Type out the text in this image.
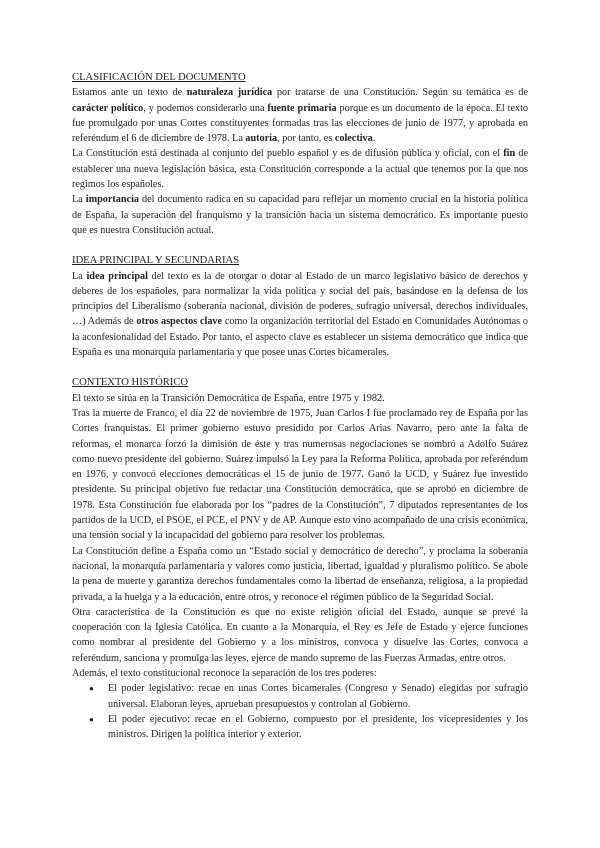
CLASIFICACIÓN DEL DOCUMENTO

Estamos ante un texto de naturaleza jurídica por tratarse de una Constitución. Según su temática es de carácter político, y podemos considerarlo una fuente primaria porque es un documento de la época. El texto fue promulgado por unas Cortes constituyentes formadas tras las elecciones de junio de 1977, y aprobada en referéndum el 6 de diciembre de 1978. La autoría, por tanto, es colectiva.

La Constitución está destinada al conjunto del pueblo español y es de difusión pública y oficial, con el fin de establecer una nueva legislación básica, esta Constitución corresponde a la actual que tenemos por la que nos regimos los españoles.

La importancia del documento radica en su capacidad para reflejar un momento crucial en la historia política de España, la superación del franquismo y la transición hacia un sistema democrático. Es importante puesto que es nuestra Constitución actual.

IDEA PRINCIPAL Y SECUNDARIAS

La idea principal del texto es la de otorgar o dotar al Estado de un marco legislativo básico de derechos y deberes de los españoles, para normalizar la vida política y social del país, basándose en la defensa de los principios del Liberalismo (soberanía nacional, división de poderes, sufragio universal, derechos individuales, …) Además de otros aspectos clave como la organización territorial del Estado en Comunidades Autónomas o la aconfesionalidad del Estado. Por tanto, el aspecto clave es establecer un sistema democrático que indica que España es una monarquía parlamentaria y que posee unas Cortes bicamerales.

CONTEXTO HISTÓRICO

El texto se sitúa en la Transición Democrática de España, entre 1975 y 1982.

Tras la muerte de Franco, el día 22 de noviembre de 1975, Juan Carlos I fue proclamado rey de España por las Cortes franquistas. El primer gobierno estuvo presidido por Carlos Arias Navarro, pero ante la falta de reformas, el monarca forzó la dimisión de éste y tras numerosas negociaciones se nombró a Adolfo Suárez como nuevo presidente del gobierno. Suárez impulsó la Ley para la Reforma Política, aprobada por referéndum en 1976, y convocó elecciones democráticas el 15 de junio de 1977. Ganó la UCD, y Suárez fue investido presidente. Su principal objetivo fue redactar una Constitución democrática, que se aprobó en diciembre de 1978. Esta Constitución fue elaborada por los “padres de la Constitución”, 7 diputados representantes de los partidos de la UCD, el PSOE, el PCE, el PNV y de AP. Aunque esto vino acompañado de una crisis económica, una tensión social y la incapacidad del gobierno para resolver los problemas.

La Constitución define a España como un “Estado social y democrático de derecho”, y proclama la soberanía nacional, la monarquía parlamentaria y valores como justicia, libertad, igualdad y pluralismo político. Se abole la pena de muerte y garantiza derechos fundamentales como la libertad de enseñanza, religiosa, a la propiedad privada, a la huelga y a la educación, entre otros, y reconoce el régimen público de la Seguridad Social.

Otra característica de la Constitución es que no existe religión oficial del Estado, aunque se prevé la cooperación con la Iglesia Católica. En cuanto a la Monarquía, el Rey es Jefe de Estado y ejerce funciones como nombrar al presidente del Gobierno y a los ministros, convoca y disuelve las Cortes, convoca a referéndum, sanciona y promulga las leyes, ejerce de mando supremo de las Fuerzas Armadas, entre otros.

Además, el texto constitucional reconoce la separación de los tres poderes:

● El poder legislativo: recae en unas Cortes bicamerales (Congreso y Senado) elegidas por sufragio universal. Elaboran leyes, aprueban presupuestos y controlan al Gobierno.
● El poder ejecutivo: recae en el Gobierno, compuesto por el presidente, los vicepresidentes y los ministros. Dirigen la política interior y exterior.
